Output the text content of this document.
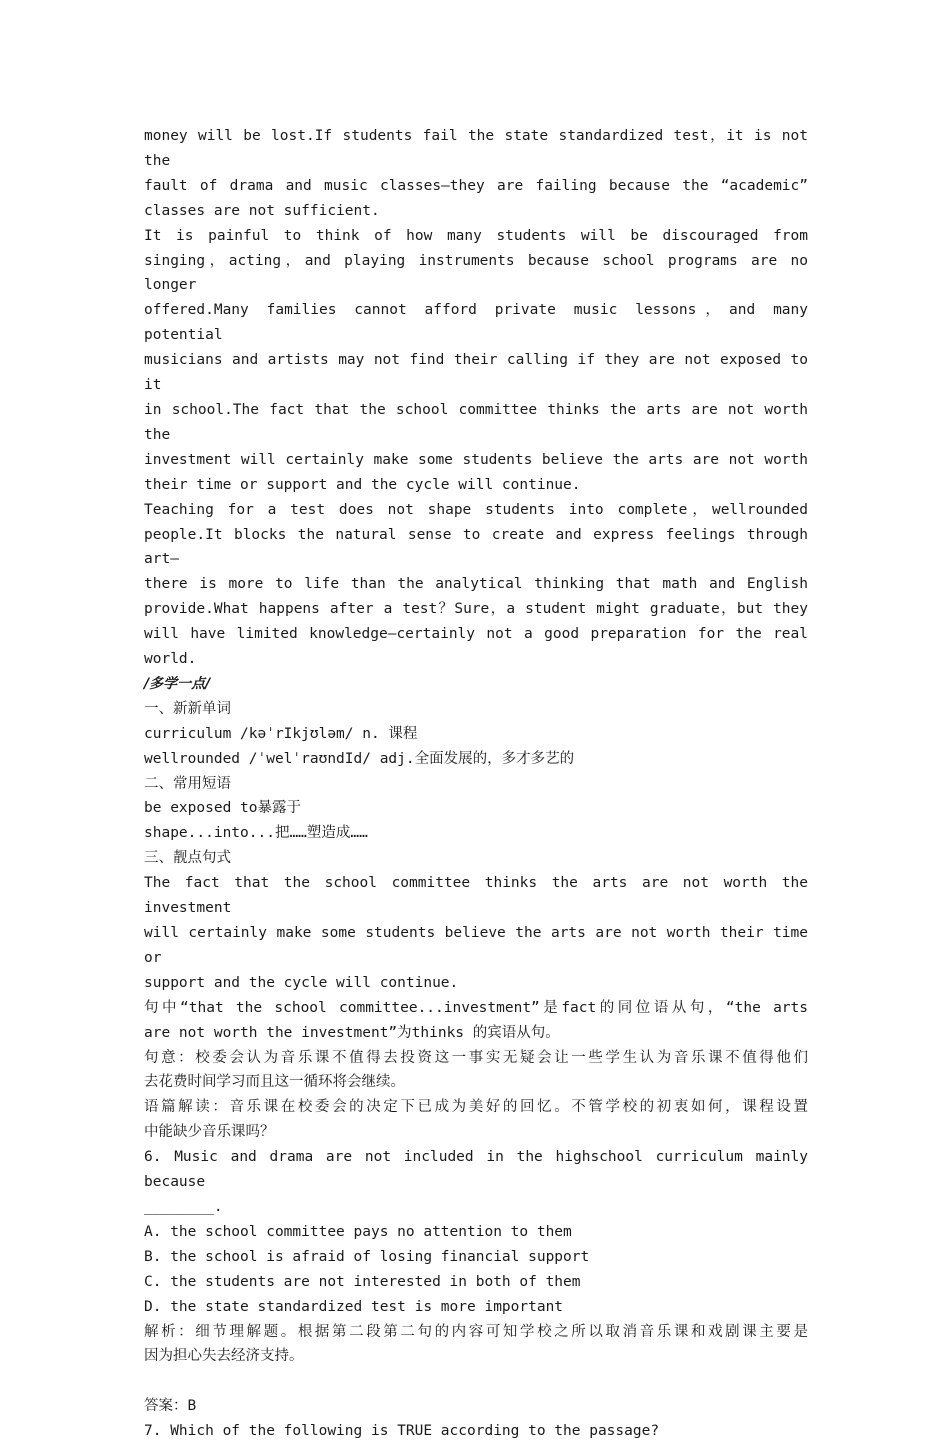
money will be lost.If students fail the state standardized test，it is not the
fault of drama and music classes—they are failing because the “academic”
classes are not sufficient.
It is painful to think of how many students will be discouraged from
singing，acting，and playing instruments because school programs are no longer
offered.Many families cannot afford private music lessons，and many potential
musicians and artists may not find their calling if they are not exposed to it
in school.The fact that the school committee thinks the arts are not worth the
investment will certainly make some students believe the arts are not worth
their time or support and the cycle will continue.
Teaching for a test does not shape students into complete，wellrounded
people.It blocks the natural sense to create and express feelings through art—
there is more to life than the analytical thinking that math and English
provide.What happens after a test？Sure，a student might graduate，but they
will have limited knowledge—certainly not a good preparation for the real
world.
/多学一点/
一、新新单词
curriculum /kəˈrIkjʊləm/ n. 课程
wellrounded /ˈwelˈraʊndId/ adj.全面发展的，多才多艺的
二、常用短语
be exposed to暴露于
shape...into...把……塑造成……
三、靓点句式
The fact that the school committee thinks the arts are not worth the investment
will certainly make some students believe the arts are not worth their time or
support and the cycle will continue.
句中“that the school committee...investment”是fact的同位语从句，“the arts
are not worth the investment”为thinks 的宾语从句。
句意：校委会认为音乐课不值得去投资这一事实无疑会让一些学生认为音乐课不值得他们
去花费时间学习而且这一循环将会继续。
语篇解读：音乐课在校委会的决定下已成为美好的回忆。不管学校的初衷如何，课程设置
中能缺少音乐课吗？
6. Music and drama are not included in the highschool curriculum mainly because
________.
A. the school committee pays no attention to them
B. the school is afraid of losing financial support
C. the students are not interested in both of them
D. the state standardized test is more important
解析：细节理解题。根据第二段第二句的内容可知学校之所以取消音乐课和戏剧课主要是
因为担心失去经济支持。
答案：B
7. Which of the following is TRUE according to the passage?
